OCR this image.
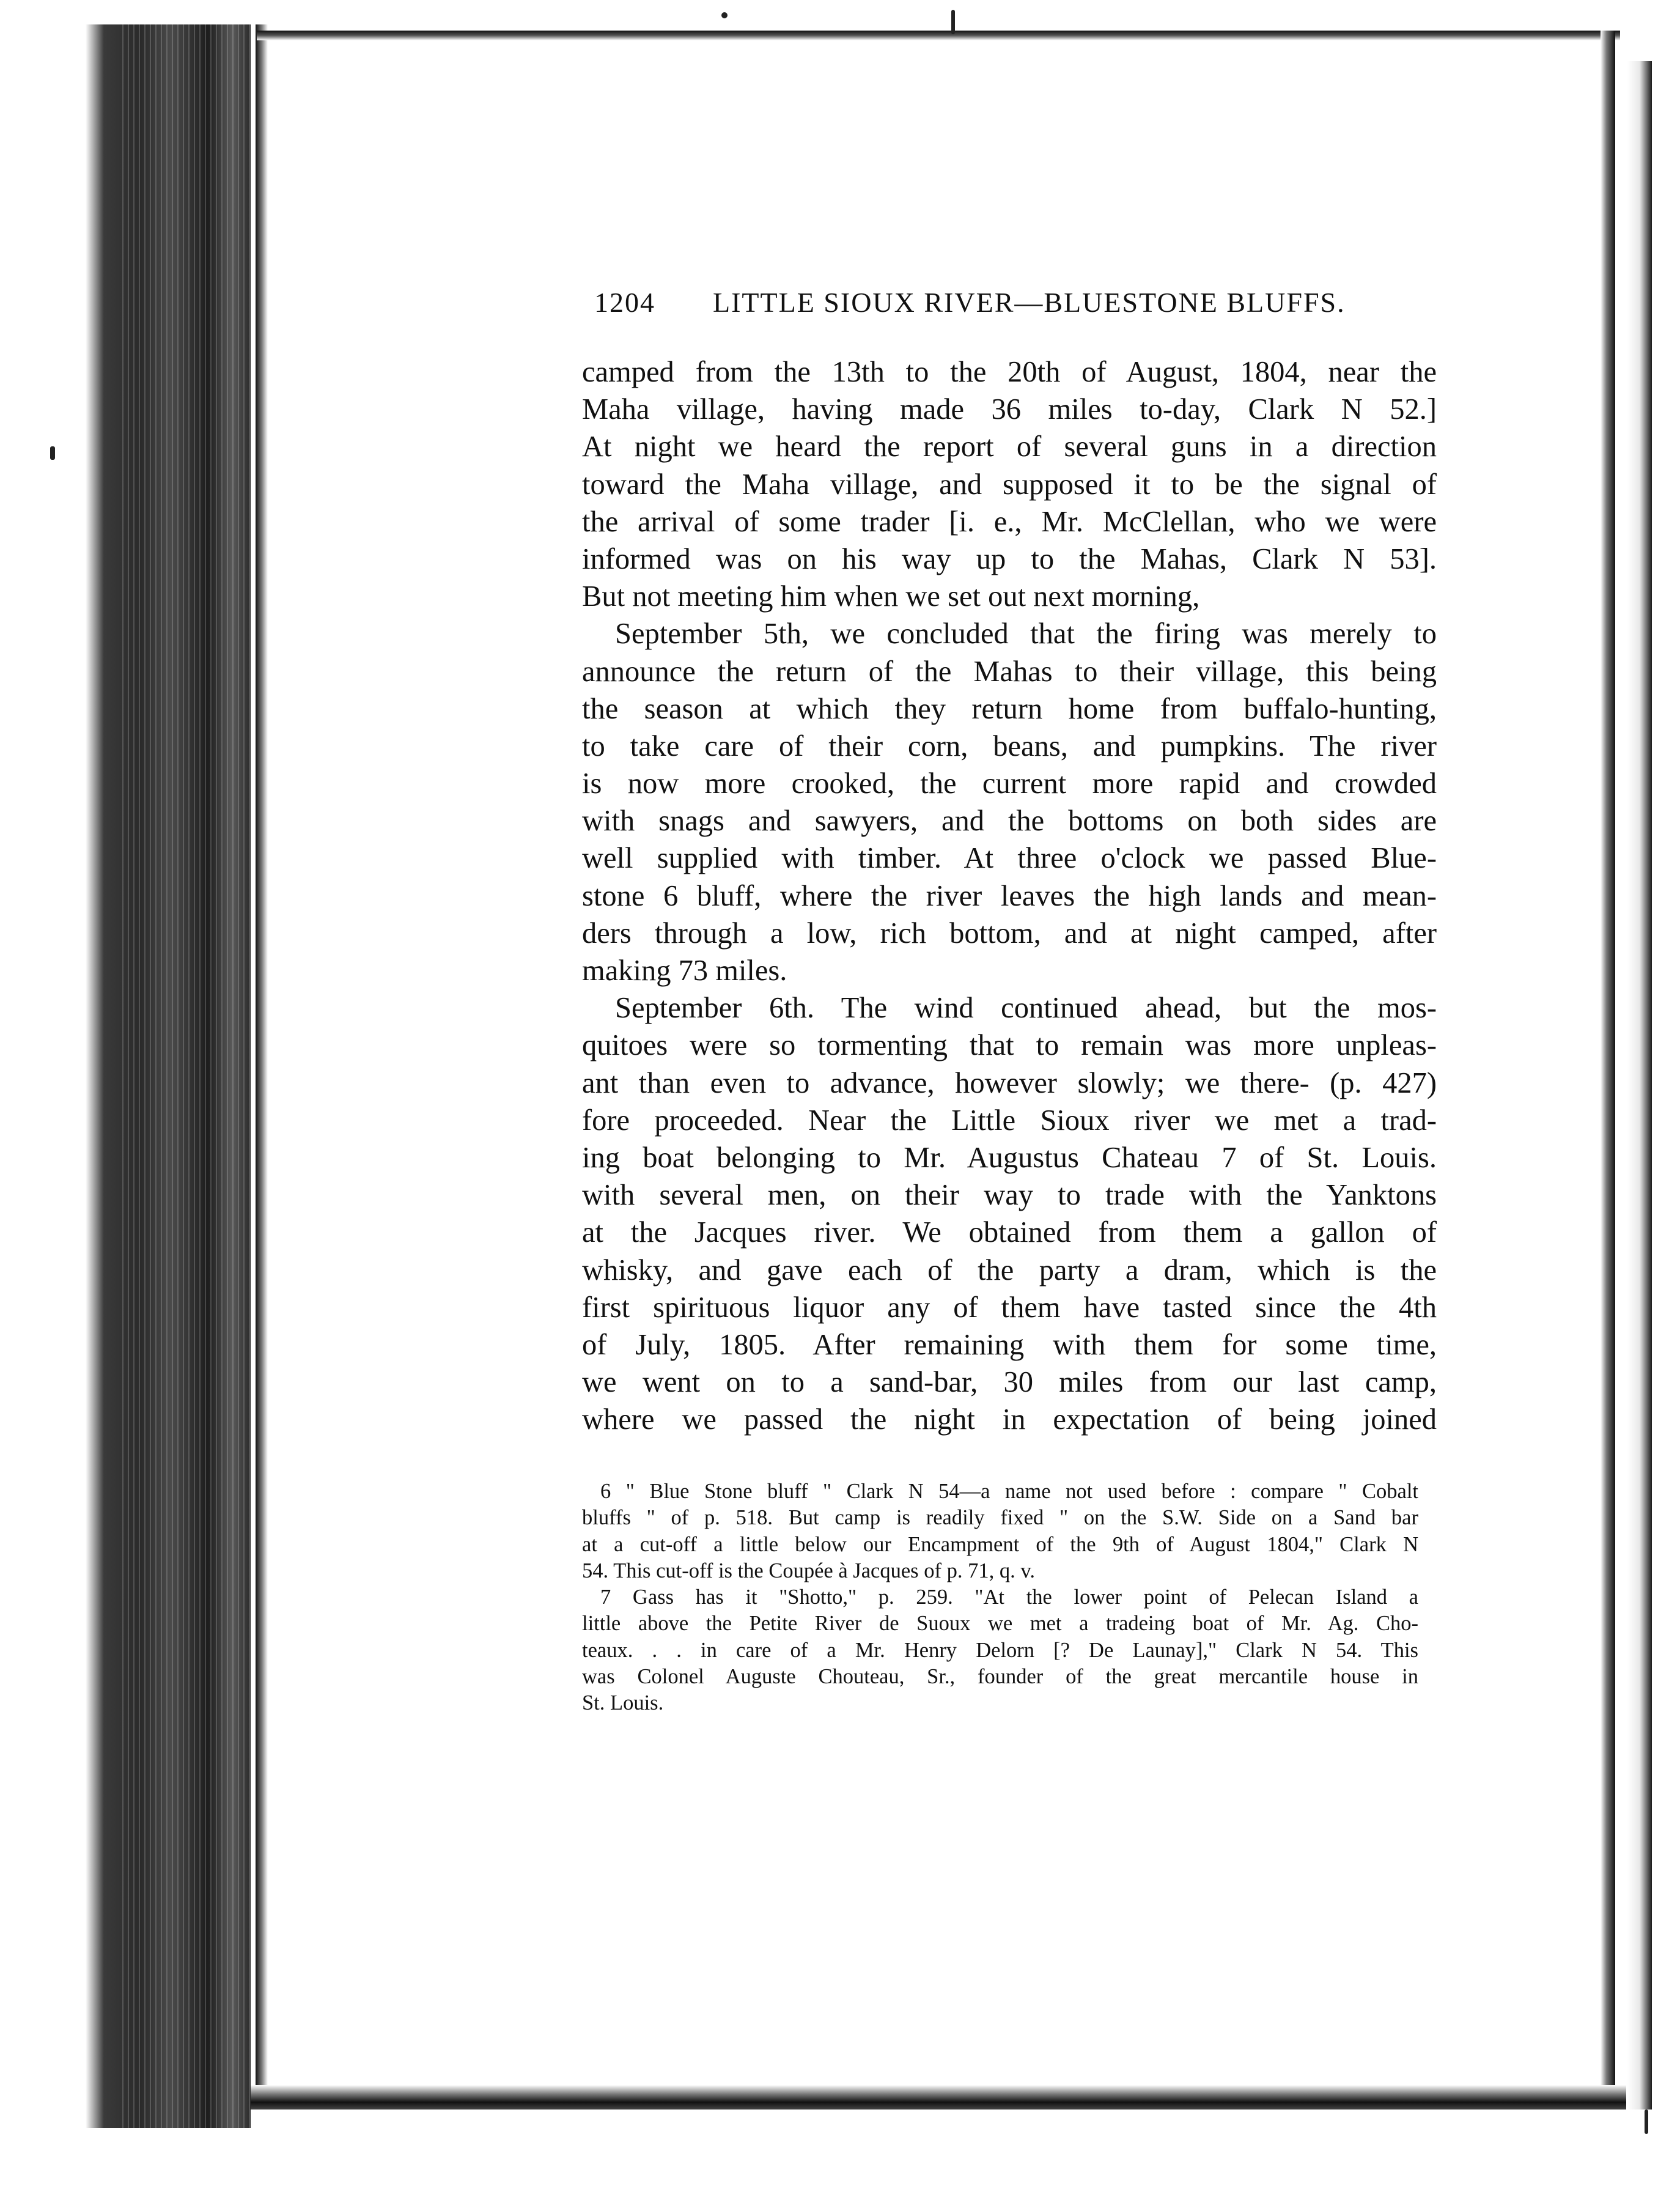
1204 LITTLE SIOUX RIVER—BLUESTONE BLUFFS.
camped from the 13th to the 20th of August, 1804, near the
Maha village, having made 36 miles to-day, Clark N 52.]
At night we heard the report of several guns in a direction
toward the Maha village, and supposed it to be the signal of
the arrival of some trader [i. e., Mr. McClellan, who we were
informed was on his way up to the Mahas, Clark N 53].
But not meeting him when we set out next morning,
September 5th, we concluded that the firing was merely to
announce the return of the Mahas to their village, this being
the season at which they return home from buffalo-hunting,
to take care of their corn, beans, and pumpkins. The river
is now more crooked, the current more rapid and crowded
with snags and sawyers, and the bottoms on both sides are
well supplied with timber. At three o'clock we passed Blue-
stone 6 bluff, where the river leaves the high lands and mean-
ders through a low, rich bottom, and at night camped, after
making 73 miles.
September 6th. The wind continued ahead, but the mos-
quitoes were so tormenting that to remain was more unpleas-
ant than even to advance, however slowly; we there- (p. 427)
fore proceeded. Near the Little Sioux river we met a trad-
ing boat belonging to Mr. Augustus Chateau 7 of St. Louis.
with several men, on their way to trade with the Yanktons
at the Jacques river. We obtained from them a gallon of
whisky, and gave each of the party a dram, which is the
first spirituous liquor any of them have tasted since the 4th
of July, 1805. After remaining with them for some time,
we went on to a sand-bar, 30 miles from our last camp,
where we passed the night in expectation of being joined
6 " Blue Stone bluff " Clark N 54—a name not used before : compare " Cobalt
bluffs " of p. 518. But camp is readily fixed " on the S.W. Side on a Sand bar
at a cut-off a little below our Encampment of the 9th of August 1804," Clark N
54. This cut-off is the Coupée à Jacques of p. 71, q. v.
7 Gass has it "Shotto," p. 259. "At the lower point of Pelecan Island a
little above the Petite River de Suoux we met a tradeing boat of Mr. Ag. Cho-
teaux. . . in care of a Mr. Henry Delorn [? De Launay]," Clark N 54. This
was Colonel Auguste Chouteau, Sr., founder of the great mercantile house in
St. Louis.
